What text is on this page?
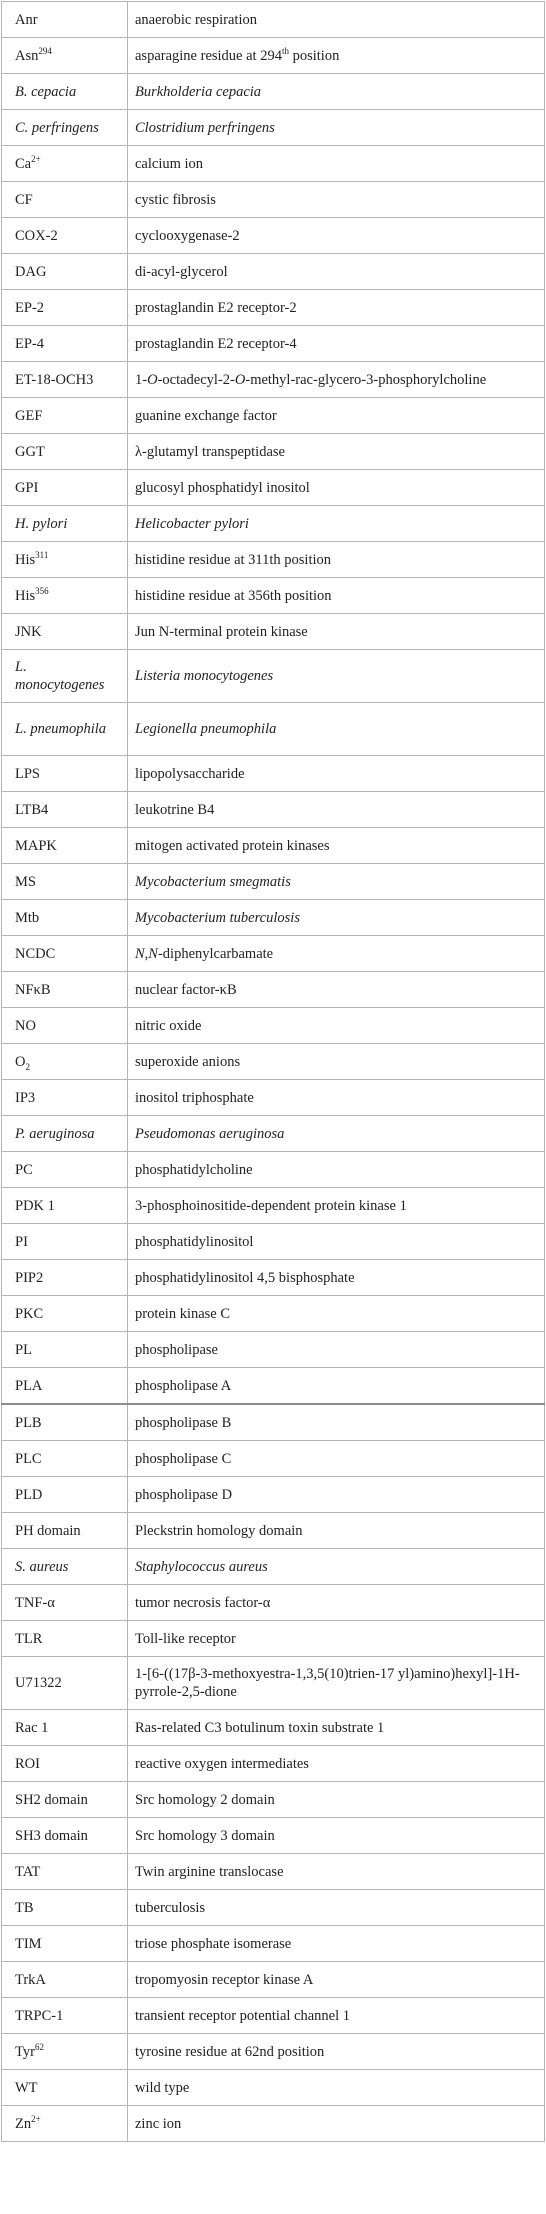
Anr	anaerobic respiration
Asn$^{294}$	asparagine residue at 294th position
B. cepacia	Burkholderia cepacia
C. perfringens	Clostridium perfringens
$Ca^{2+}$	calcium ion
CF	cystic fibrosis
COX-2	cyclooxygenase-2
DAG	di-acyl-glycerol
EP-2	prostaglandin E2 receptor-2
EP-4	prostaglandin E2 receptor-4
ET-18-OCH3	1-O-octadecyl-2-O-methyl-rac-glycero-3-phosphorylcholine
GEF	guanine exchange factor
GGT	λ-glutamyl transpeptidase
GPI	glucosyl phosphatidyl inositol
H. pylori	Helicobacter pylori
His$^{311}$	histidine residue at 311th position
His$^{356}$	histidine residue at 356th position
JNK	Jun N-terminal protein kinase
L. monocytogenes	Listeria monocytogenes
L. pneumophila	Legionella pneumophila
LPS	lipopolysaccharide
LTB4	leukotrine B4
MAPK	mitogen activated protein kinases
MS	Mycobacterium smegmatis
Mtb	Mycobacterium tuberculosis
NCDC	N,N-diphenylcarbamate
NFκB	nuclear factor-κB
NO	nitric oxide
$O_2$	superoxide anions
IP3	inositol triphosphate
P. aeruginosa	Pseudomonas aeruginosa
PC	phosphatidylcholine
PDK 1	3-phosphoinositide-dependent protein kinase 1
PI	phosphatidylinositol
PIP2	phosphatidylinositol 4,5 bisphosphate
PKC	protein kinase C
PL	phospholipase
PLA	phospholipase A
PLB	phospholipase B
PLC	phospholipase C
PLD	phospholipase D
PH domain	Pleckstrin homology domain
S. aureus	Staphylococcus aureus
TNF-α	tumor necrosis factor-α
TLR	Toll-like receptor
U71322	1-[6-((17β-3-methoxyestra-1,3,5(10)trien-17 yl)amino)hexyl]-1H-pyrrole-2,5-dione
Rac 1	Ras-related C3 botulinum toxin substrate 1
ROI	reactive oxygen intermediates
SH2 domain	Src homology 2 domain
SH3 domain	Src homology 3 domain
TAT	Twin arginine translocase
TB	tuberculosis
TIM	triose phosphate isomerase
TrkA	tropomyosin receptor kinase A
TRPC-1	transient receptor potential channel 1
Tyr$^{62}$	tyrosine residue at 62nd position
WT	wild type
$Zn^{2+}$	zinc ion
